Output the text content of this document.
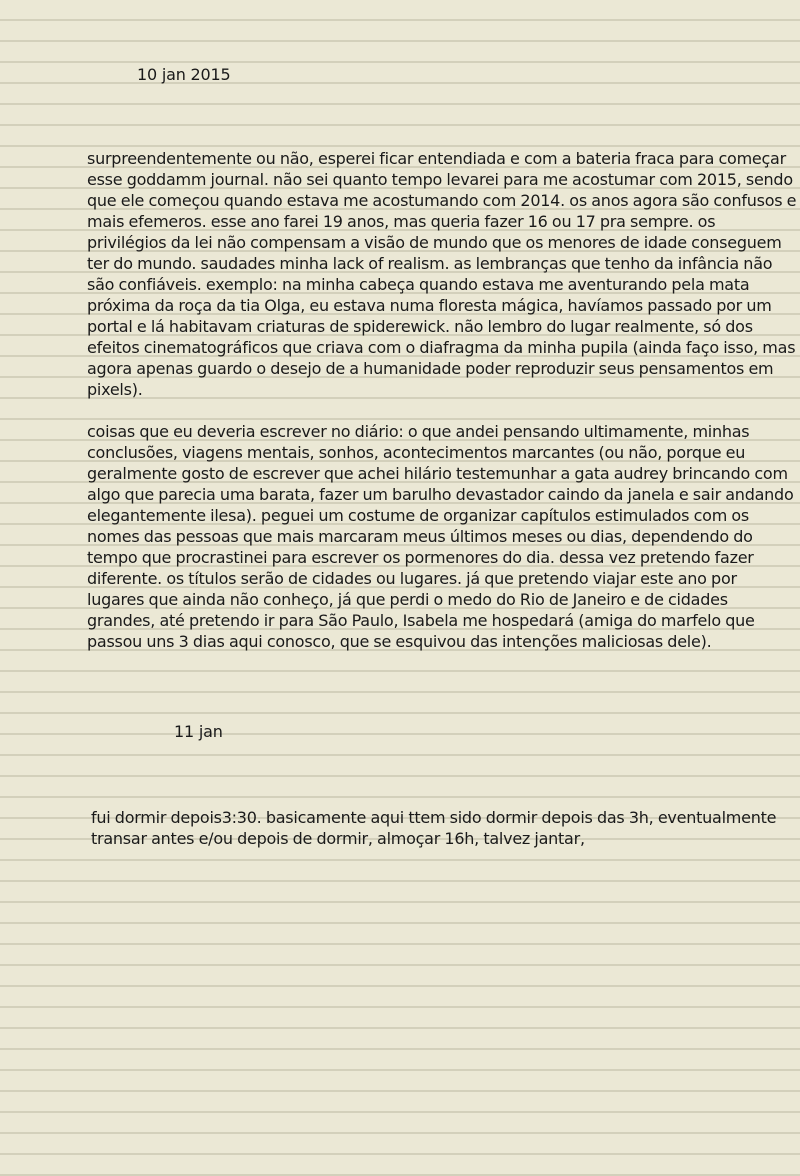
10 jan 2015

surpreendentemente ou não, esperei ficar entendiada e com a bateria fraca para começar esse goddamm journal. não sei quanto tempo levarei para me acostumar com 2015, sendo que ele começou quando estava me acostumando com 2014. os anos agora são confusos e mais efemeros. esse ano farei 19 anos, mas queria fazer 16 ou 17 pra sempre. os privilégios da lei não compensam a visão de mundo que os menores de idade conseguem ter do mundo. saudades minha lack of realism. as lembranças que tenho da infância não são confiáveis. exemplo: na minha cabeça quando estava me aventurando pela mata próxima da roça da tia Olga, eu estava numa floresta mágica, havíamos passado por um portal e lá habitavam criaturas de spiderewick. não lembro do lugar realmente, só dos efeitos cinematográficos que criava com o diafragma da minha pupila (ainda faço isso, mas agora apenas guardo o desejo de a humanidade poder reproduzir seus pensamentos em pixels).

coisas que eu deveria escrever no diário: o que andei pensando ultimamente, minhas conclusões, viagens mentais, sonhos, acontecimentos marcantes (ou não, porque eu geralmente gosto de escrever que achei hilário testemunhar a gata audrey brincando com algo que parecia uma barata, fazer um barulho devastador caindo da janela e sair andando elegantemente ilesa). peguei um costume de organizar capítulos estimulados com os nomes das pessoas que mais marcaram meus últimos meses ou dias, dependendo do tempo que procrastinei para escrever os pormenores do dia. dessa vez pretendo fazer diferente. os títulos serão de cidades ou lugares. já que pretendo viajar este ano por lugares que ainda não conheço, já que perdi o medo do Rio de Janeiro e de cidades grandes, até pretendo ir para São Paulo, Isabela me hospedará (amiga do marfelo que passou uns 3 dias aqui conosco, que se esquivou das intenções maliciosas dele).

11 jan

fui dormir depois3:30. basicamente aqui ttem sido dormir depois das 3h, eventualmente transar antes e/ou depois de dormir, almoçar 16h, talvez jantar,
